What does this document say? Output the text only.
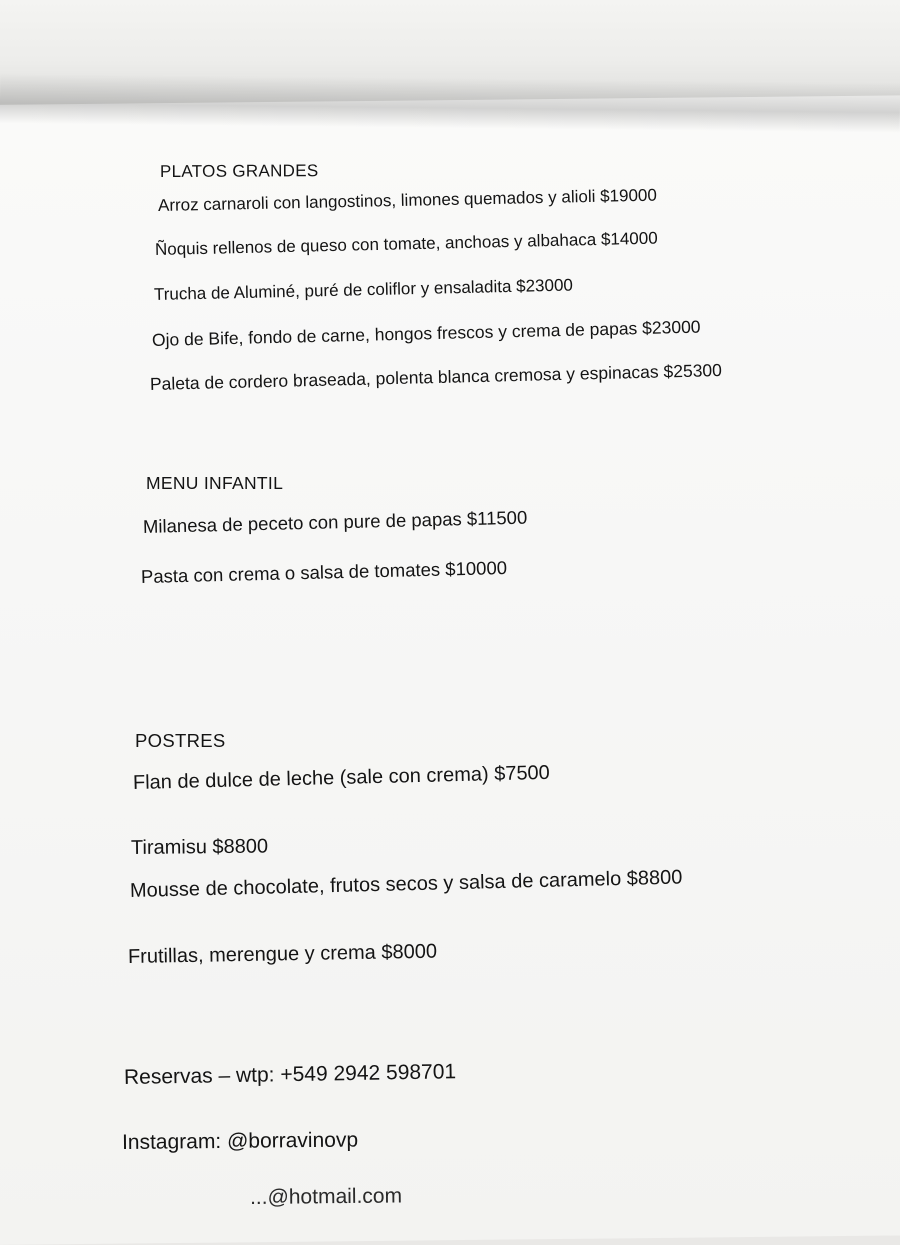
PLATOS GRANDES

Arroz carnaroli con langostinos, limones quemados y alioli $19000

Ñoquis rellenos de queso con tomate, anchoas y albahaca $14000

Trucha de Aluminé, puré de coliflor y ensaladita $23000

Ojo de Bife, fondo de carne, hongos frescos y crema de papas $23000

Paleta de cordero braseada, polenta blanca cremosa y espinacas $25300

MENU INFANTIL

Milanesa de peceto con pure de papas $11500

Pasta con crema o salsa de tomates $10000

POSTRES

Flan de dulce de leche (sale con crema) $7500

Tiramisu $8800

Mousse de chocolate, frutos secos y salsa de caramelo $8800

Frutillas, merengue y crema $8000

Reservas – wtp: +549 2942 598701

Instagram: @borravinovp

...@hotmail.com
